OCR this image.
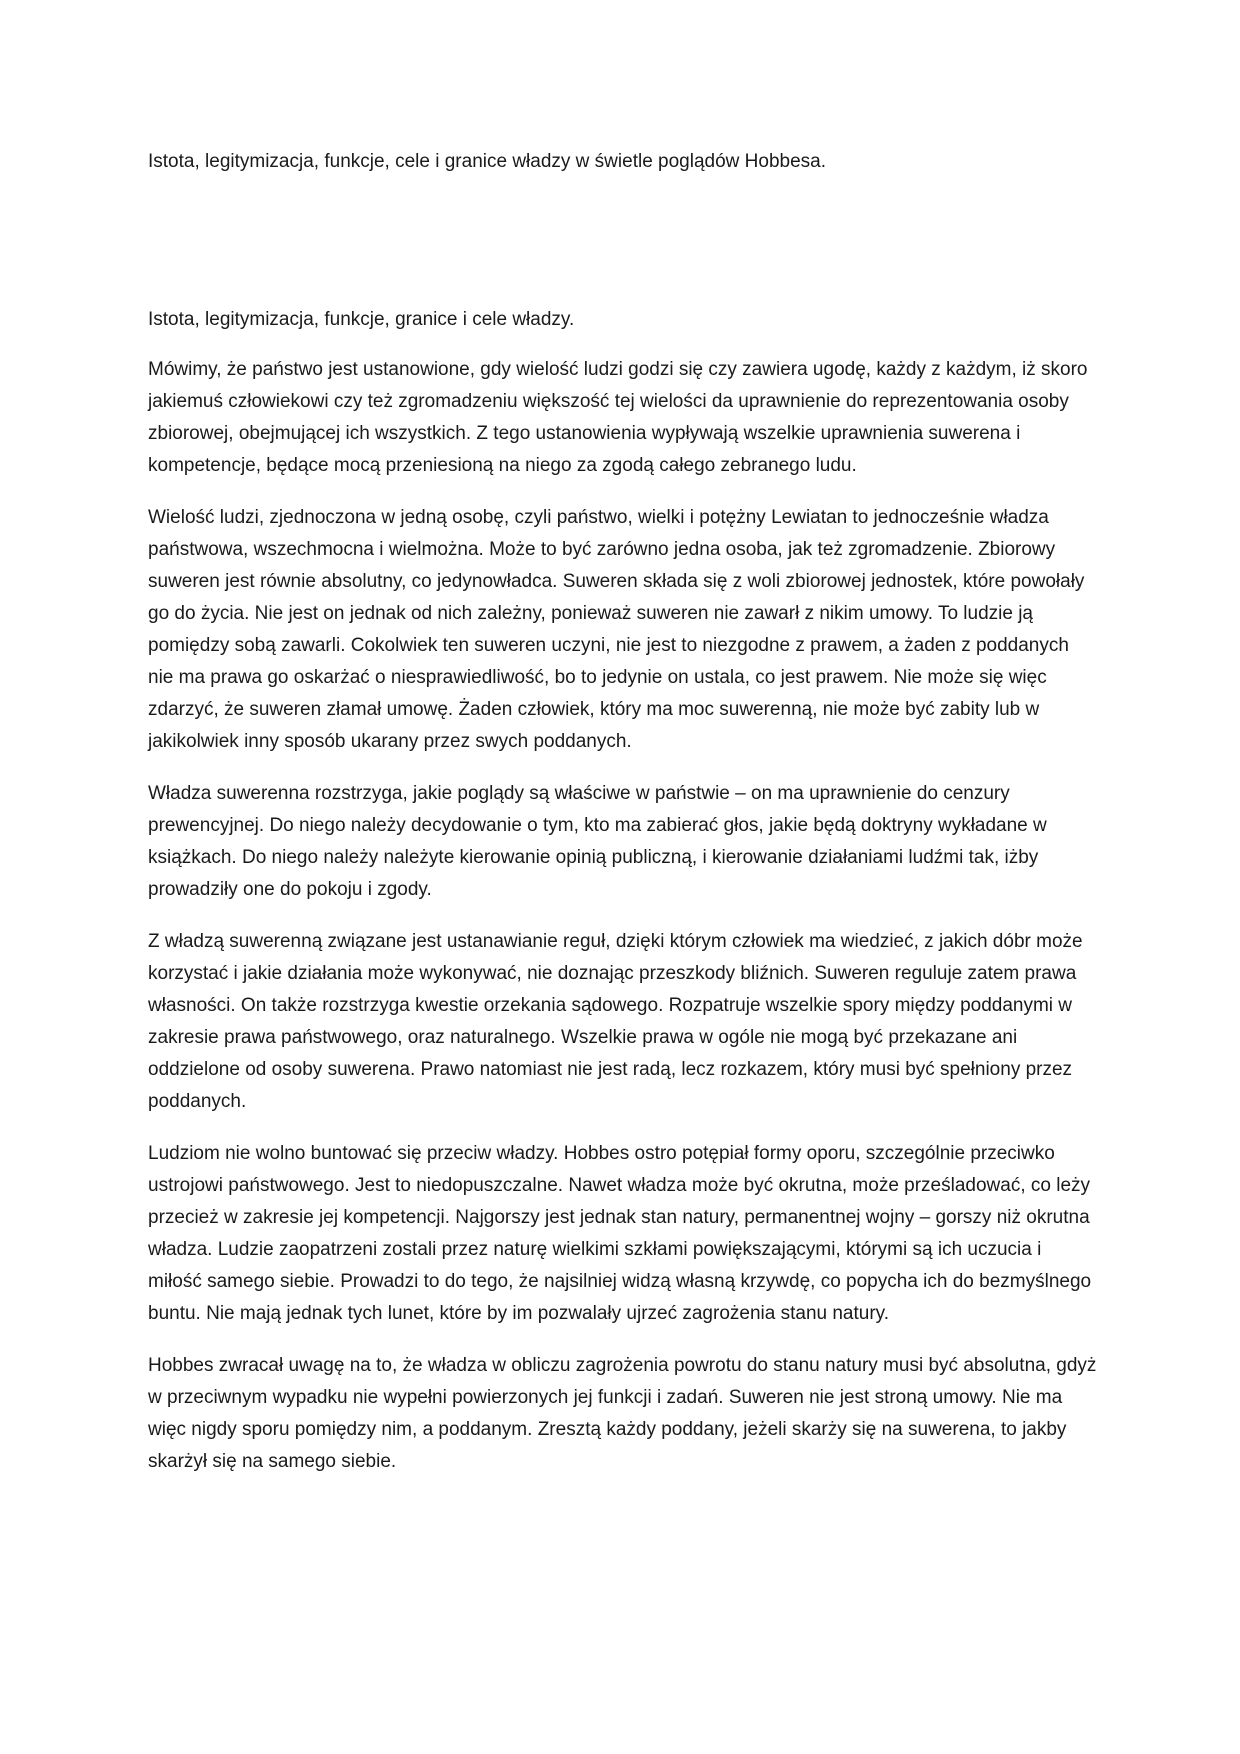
Istota, legitymizacja, funkcje, cele i granice władzy w świetle poglądów Hobbesa.
Istota, legitymizacja, funkcje, granice i cele władzy.

Mówimy, że państwo jest ustanowione, gdy wielość ludzi godzi się czy zawiera ugodę, każdy z każdym, iż skoro jakiemuś człowiekowi czy też zgromadzeniu większość tej wielości da uprawnienie do reprezentowania osoby zbiorowej, obejmującej ich wszystkich. Z tego ustanowienia wypływają wszelkie uprawnienia suwerena i kompetencje, będące mocą przeniesioną na niego za zgodą całego zebranego ludu.

Wielość ludzi, zjednoczona w jedną osobę, czyli państwo, wielki i potężny Lewiatan to jednocześnie władza państwowa, wszechmocna i wielmożna. Może to być zarówno jedna osoba, jak też zgromadzenie. Zbiorowy suweren jest równie absolutny, co jedynowładca. Suweren składa się z woli zbiorowej jednostek, które powołały go do życia. Nie jest on jednak od nich zależny, ponieważ suweren nie zawarł z nikim umowy. To ludzie ją pomiędzy sobą zawarli. Cokolwiek ten suweren uczyni, nie jest to niezgodne z prawem, a żaden z poddanych nie ma prawa go oskarżać o niesprawiedliwość, bo to jedynie on ustala, co jest prawem. Nie może się więc zdarzyć, że suweren złamał umowę. Żaden człowiek, który ma moc suwerenną, nie może być zabity lub w jakikolwiek inny sposób ukarany przez swych poddanych.

Władza suwerenna rozstrzyga, jakie poglądy są właściwe w państwie – on ma uprawnienie do cenzury prewencyjnej. Do niego należy decydowanie o tym, kto ma zabierać głos, jakie będą doktryny wykładane w książkach. Do niego należy należyte kierowanie opinią publiczną, i kierowanie działaniami ludźmi tak, iżby prowadziły one do pokoju i zgody.

Z władzą suwerenną związane jest ustanawianie reguł, dzięki którym człowiek ma wiedzieć, z jakich dóbr może korzystać i jakie działania może wykonywać, nie doznając przeszkody bliźnich. Suweren reguluje zatem prawa własności. On także rozstrzyga kwestie orzekania sądowego. Rozpatruje wszelkie spory między poddanymi w zakresie prawa państwowego, oraz naturalnego. Wszelkie prawa w ogóle nie mogą być przekazane ani oddzielone od osoby suwerena. Prawo natomiast nie jest radą, lecz rozkazem, który musi być spełniony przez poddanych.

Ludziom nie wolno buntować się przeciw władzy. Hobbes ostro potępiał formy oporu, szczególnie przeciwko ustrojowi państwowego. Jest to niedopuszczalne. Nawet władza może być okrutna, może prześladować, co leży przecież w zakresie jej kompetencji. Najgorszy jest jednak stan natury, permanentnej wojny – gorszy niż okrutna władza. Ludzie zaopatrzeni zostali przez naturę wielkimi szkłami powiększającymi, którymi są ich uczucia i miłość samego siebie. Prowadzi to do tego, że najsilniej widzą własną krzywdę, co popycha ich do bezmyślnego buntu. Nie mają jednak tych lunet, które by im pozwalały ujrzeć zagrożenia stanu natury.

Hobbes zwracał uwagę na to, że władza w obliczu zagrożenia powrotu do stanu natury musi być absolutna, gdyż w przeciwnym wypadku nie wypełni powierzonych jej funkcji i zadań. Suweren nie jest stroną umowy. Nie ma więc nigdy sporu pomiędzy nim, a poddanym. Zresztą każdy poddany, jeżeli skarży się na suwerena, to jakby skarżył się na samego siebie.
